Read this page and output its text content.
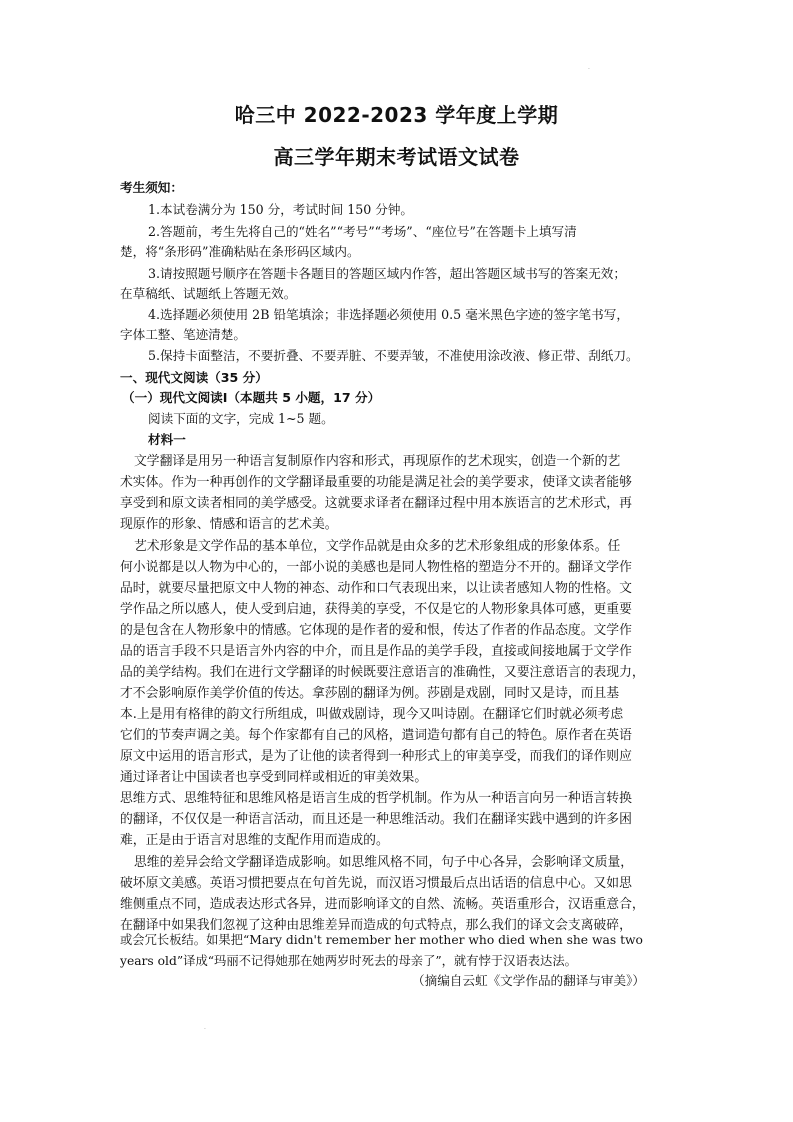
哈三中 2022-2023 学年度上学期
高三学年期末考试语文试卷
考生须知：
1.本试卷满分为 150 分，考试时间 150 分钟。
2.答题前，考生先将自己的“姓名”“考号”“考场”、“座位号”在答题卡上填写清
楚，将“条形码”准确粘贴在条形码区域内。
3.请按照题号顺序在答题卡各题目的答题区域内作答，超出答题区域书写的答案无效；
在草稿纸、试题纸上答题无效。
4.选择题必须使用 2B 铅笔填涂；非选择题必须使用 0.5 毫米黑色字迹的签字笔书写，
字体工整、笔迹清楚。
5.保持卡面整洁，不要折叠、不要弄脏、不要弄皱，不准使用涂改液、修正带、刮纸刀。
一、现代文阅读（35 分）
（一）现代文阅读Ⅰ（本题共 5 小题，17 分）
阅读下面的文字，完成 1~5 题。
材料一
文学翻译是用另一种语言复制原作内容和形式，再现原作的艺术现实，创造一个新的艺
术实体。作为一种再创作的文学翻译最重要的功能是满足社会的美学要求，使译文读者能够
享受到和原文读者相同的美学感受。这就要求译者在翻译过程中用本族语言的艺术形式，再
现原作的形象、情感和语言的艺术美。
艺术形象是文学作品的基本单位，文学作品就是由众多的艺术形象组成的形象体系。任
何小说都是以人物为中心的，一部小说的美感也是同人物性格的塑造分不开的。翻译文学作
品时，就要尽量把原文中人物的神态、动作和口气表现出来，以让读者感知人物的性格。文
学作品之所以感人，使人受到启迪，获得美的享受，不仅是它的人物形象具体可感，更重要
的是包含在人物形象中的情感。它体现的是作者的爱和恨，传达了作者的作品态度。文学作
品的语言手段不只是语言外内容的中介，而且是作品的美学手段，直接或间接地属于文学作
品的美学结构。我们在进行文学翻译的时候既要注意语言的准确性，又要注意语言的表现力，
才不会影响原作美学价值的传达。拿莎剧的翻译为例。莎剧是戏剧，同时又是诗，而且基
本.上是用有格律的韵文行所组成，叫做戏剧诗，现今又叫诗剧。在翻译它们时就必须考虑
它们的节奏声调之美。每个作家都有自己的风格，遣词造句都有自己的特色。原作者在英语
原文中运用的语言形式，是为了让他的读者得到一种形式上的审美享受，而我们的译作则应
通过译者让中国读者也享受到同样或相近的审美效果。
思维方式、思维特征和思维风格是语言生成的哲学机制。作为从一种语言向另一种语言转换
的翻译，不仅仅是一种语言活动，而且还是一种思维活动。我们在翻译实践中遇到的许多困
难，正是由于语言对思维的支配作用而造成的。
思维的差异会给文学翻译造成影响。如思维风格不同，句子中心各异，会影响译文质量，
破坏原文美感。英语习惯把要点在句首先说，而汉语习惯最后点出话语的信息中心。又如思
维侧重点不同，造成表达形式各异，进而影响译文的自然、流畅。英语重形合，汉语重意合，
在翻译中如果我们忽视了这种由思维差异而造成的句式特点，那么我们的译文会支离破碎，
或会冗长板结。如果把“Mary didn't remember her mother who died when she was two
years old”译成“玛丽不记得她那在她两岁时死去的母亲了”，就有悖于汉语表达法。
（摘编自云虹《文学作品的翻译与审美》）
·
·
